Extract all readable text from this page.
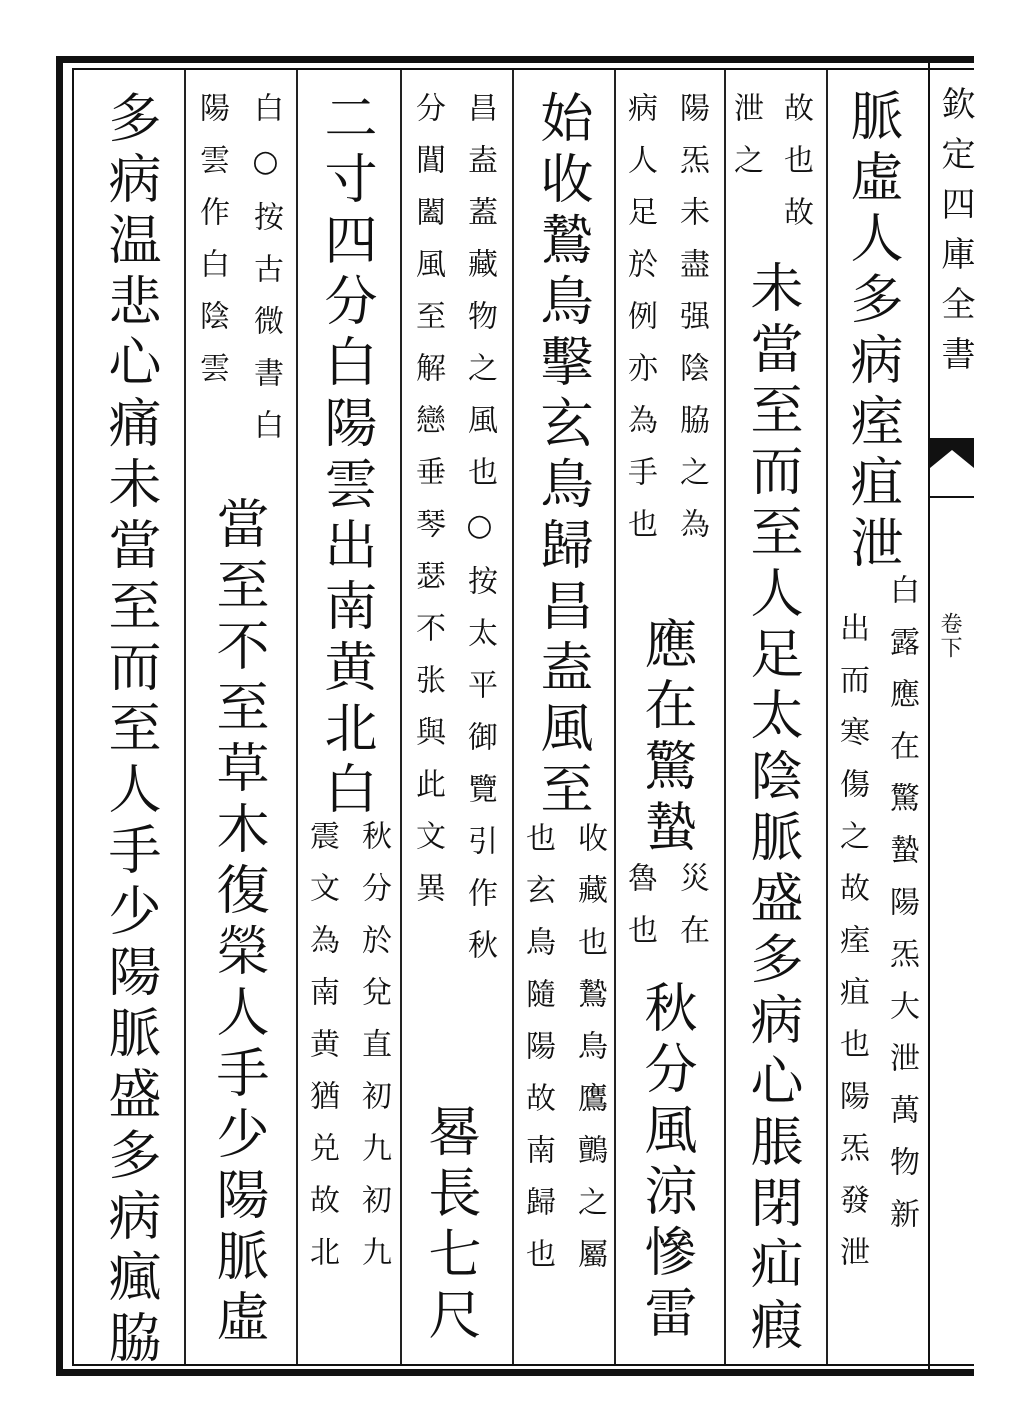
欽定四庫全書
卷下
脈虛人多病痓疽泄
白露應在驚蟄陽炁大泄萬物新
出而寒傷之故痓疽也陽炁發泄
未當至而至人足太陰脈盛多病心脹閉疝瘕
故也故
泄之
陽炁未盡强陰脇之為
病人足於例亦為手也
應在驚蟄
災在
魯也
秋分風涼慘雷
始收鷙鳥擊玄鳥歸昌盍風至
收藏也鷙鳥鷹鸇之屬
也玄鳥隨陽故南歸也
昌盍蓋藏物之風也○按太平御覽引作秋
分閶闔風至解戀垂琴瑟不张與此文異
晷長七尺
二寸四分白陽雲出南黄北白
秋分於兌直初九初九
震文為南黄猶兑故北
白○按古微書白
陽雲作白陰雲
當至不至草木復榮人手少陽脈虛
多病温悲心痛未當至而至人手少陽脈盛多病瘋脇
